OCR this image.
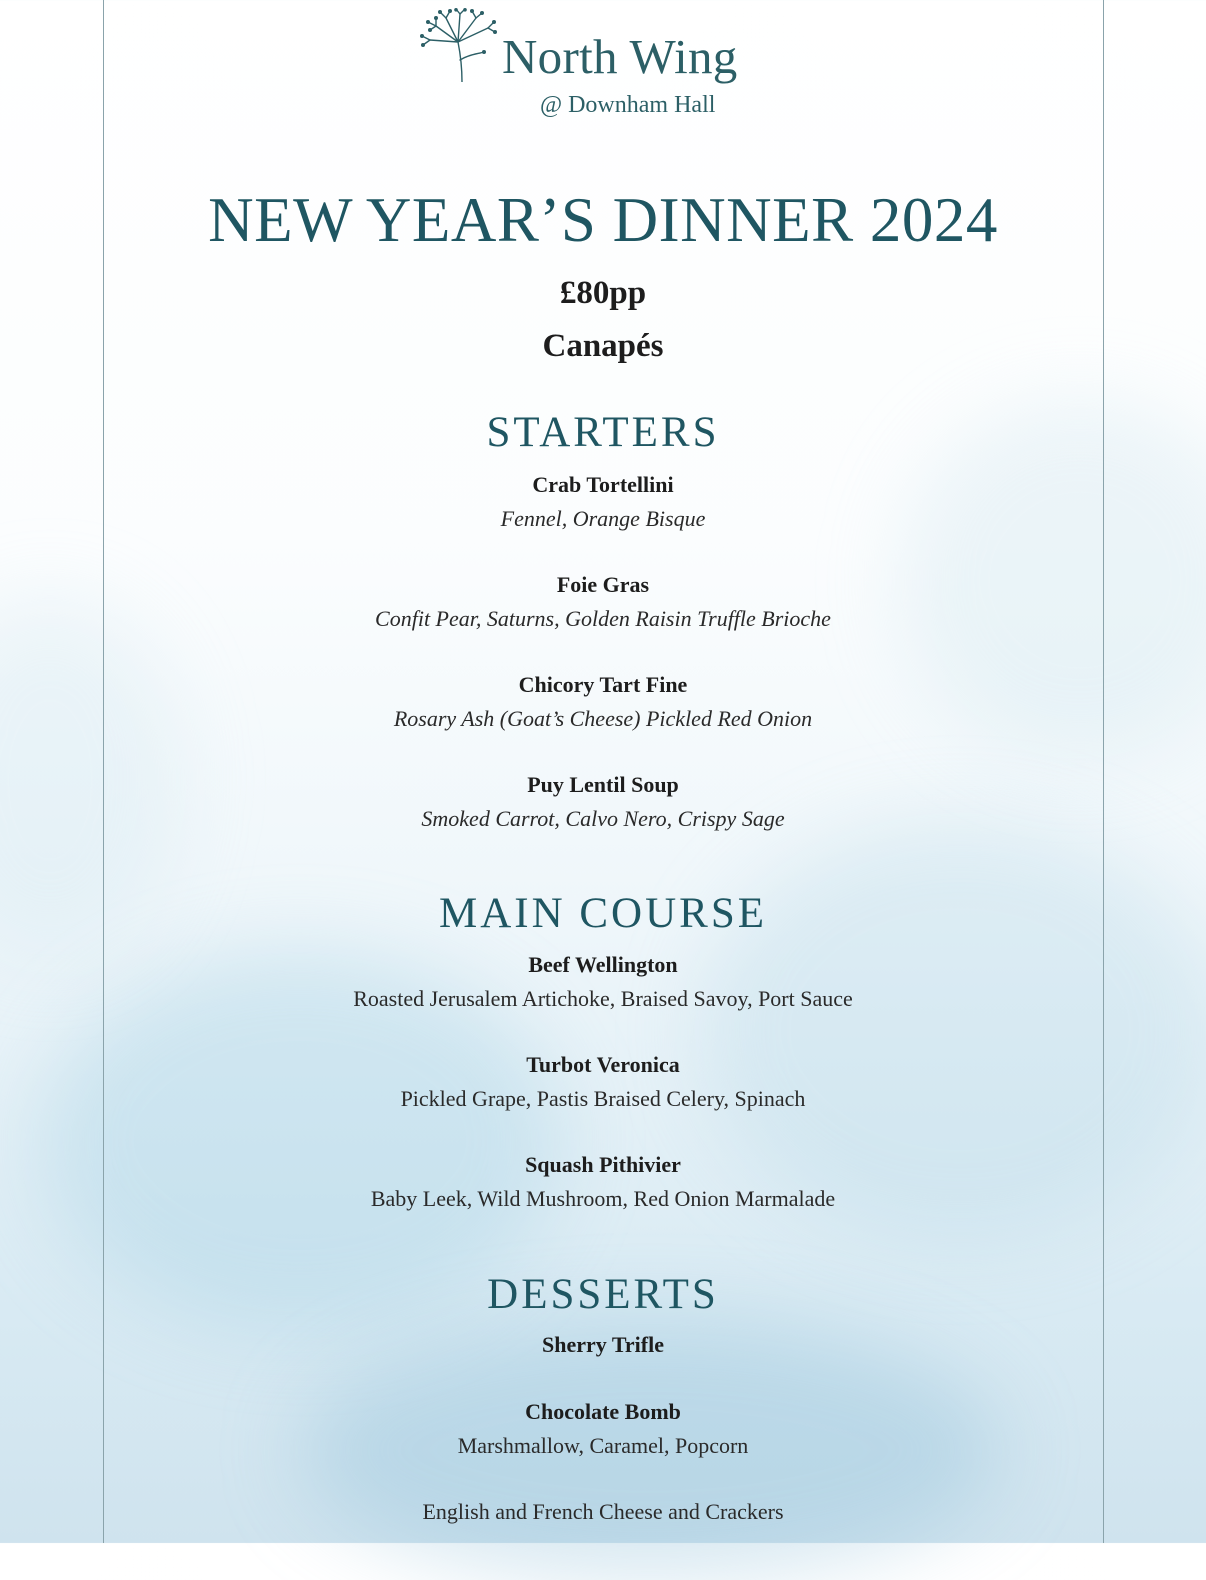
North Wing
@ Downham Hall
NEW YEAR’S DINNER 2024
£80pp
Canapés
STARTERS
Crab Tortellini
Fennel, Orange Bisque
Foie Gras
Confit Pear, Saturns, Golden Raisin Truffle Brioche
Chicory Tart Fine
Rosary Ash (Goat’s Cheese) Pickled Red Onion
Puy Lentil Soup
Smoked Carrot, Calvo Nero, Crispy Sage
MAIN COURSE
Beef Wellington
Roasted Jerusalem Artichoke, Braised Savoy, Port Sauce
Turbot Veronica
Pickled Grape, Pastis Braised Celery, Spinach
Squash Pithivier
Baby Leek, Wild Mushroom, Red Onion Marmalade
DESSERTS
Sherry Trifle
Chocolate Bomb
Marshmallow, Caramel, Popcorn
English and French Cheese and Crackers
